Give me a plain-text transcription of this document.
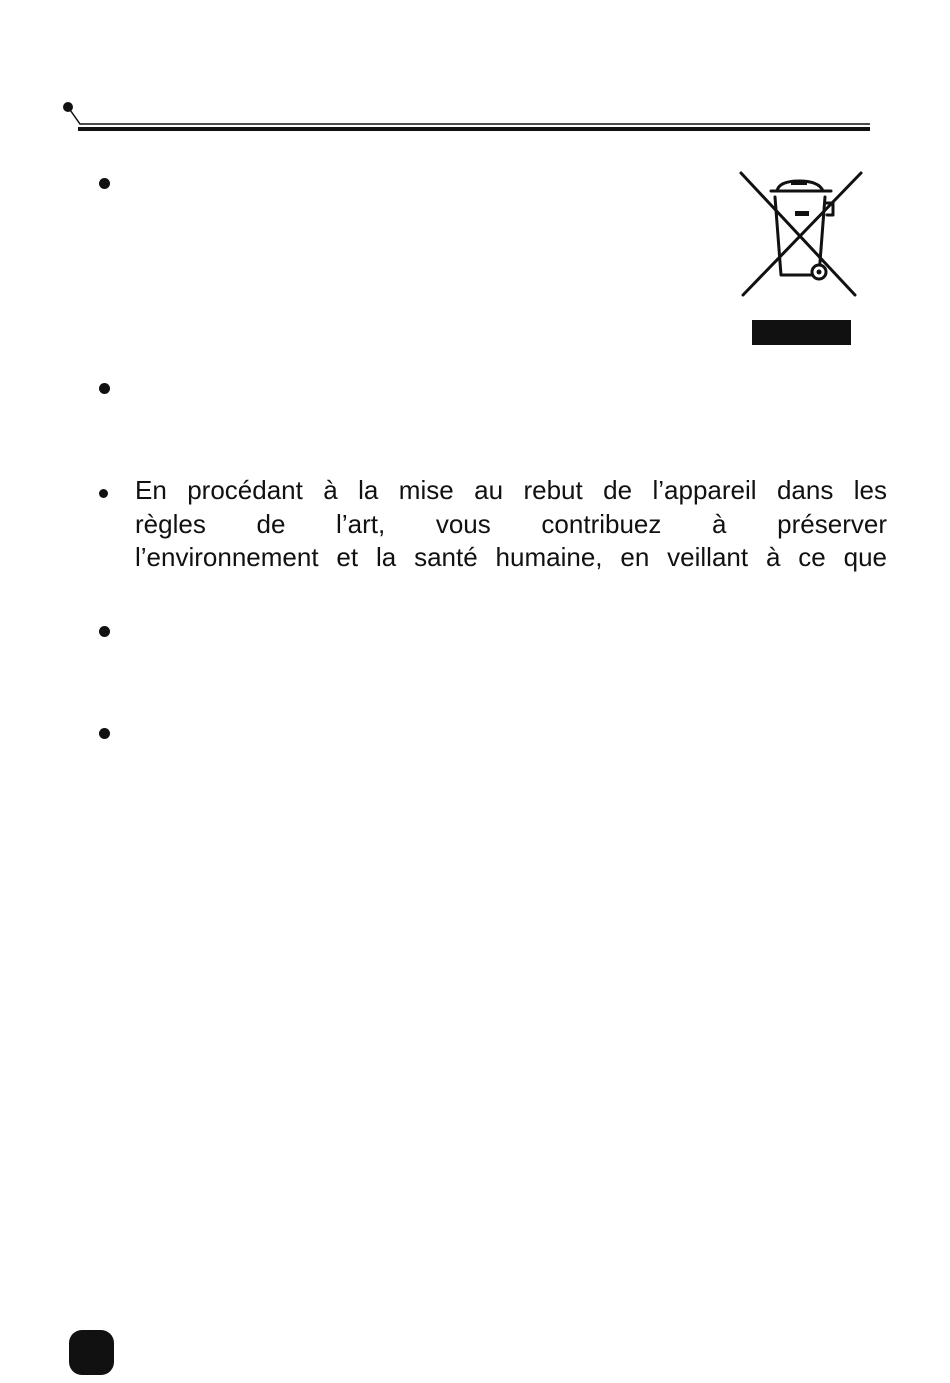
En procédant à la mise au rebut de l’appareil dans les
règles de l’art, vous contribuez à préserver
l’environnement et la santé humaine, en veillant à ce que
